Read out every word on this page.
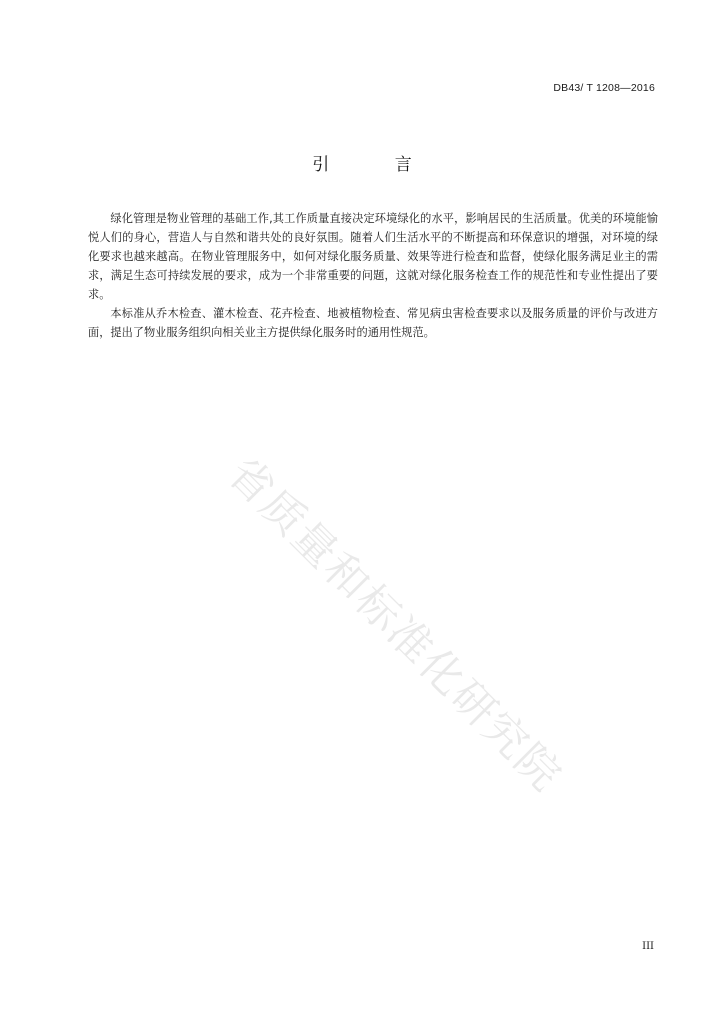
DB43/ T 1208—2016
引 言

绿化管理是物业管理的基础工作,其工作质量直接决定环境绿化的水平，影响居民的生活质量。优美的环境能愉悦人们的身心，营造人与自然和谐共处的良好氛围。随着人们生活水平的不断提高和环保意识的增强，对环境的绿化要求也越来越高。在物业管理服务中，如何对绿化服务质量、效果等进行检查和监督，使绿化服务满足业主的需求，满足生态可持续发展的要求，成为一个非常重要的问题，这就对绿化服务检查工作的规范性和专业性提出了要求。

本标准从乔木检查、灌木检查、花卉检查、地被植物检查、常见病虫害检查要求以及服务质量的评价与改进方面，提出了物业服务组织向相关业主方提供绿化服务时的通用性规范。

省质量和标准化研究院
III
